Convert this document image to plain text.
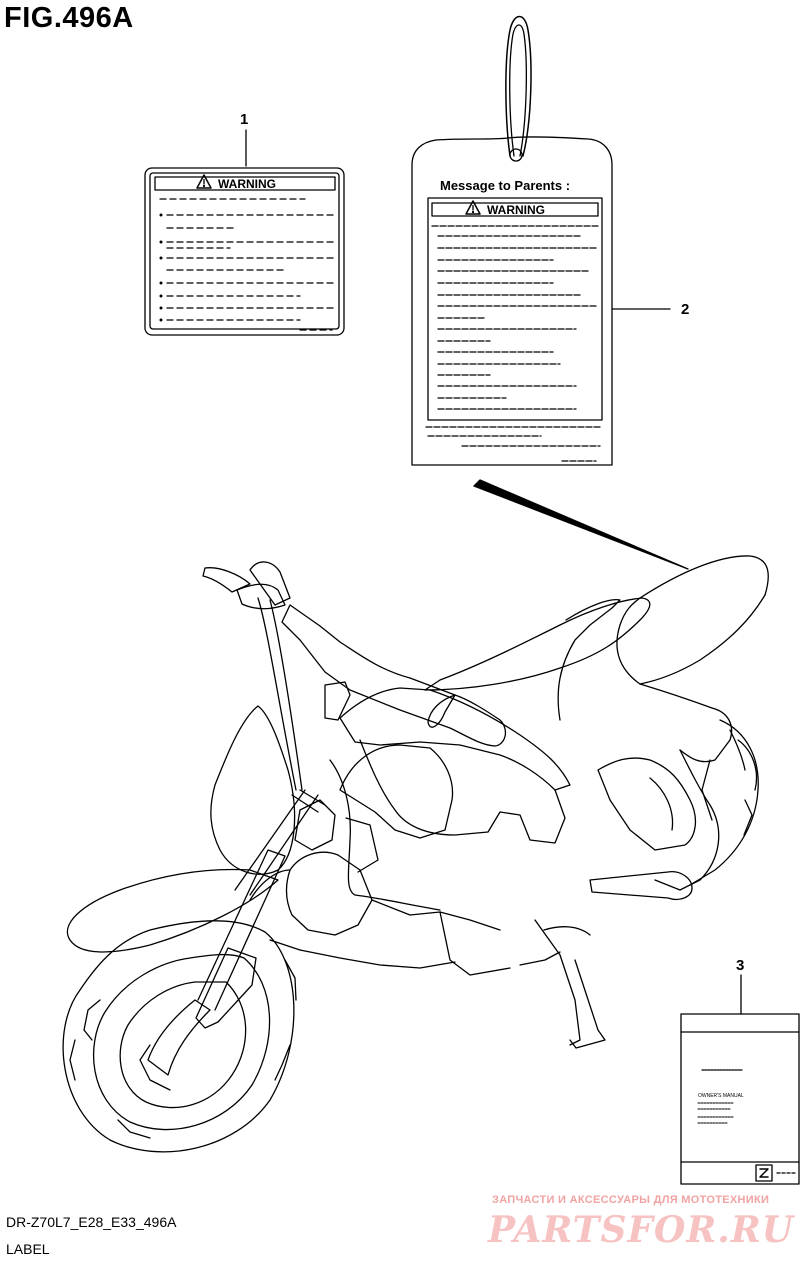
FIG.496A
WARNING	Message to Parents :
WARNING
OWNER'S MANUAL
1
2
3
ЗАПЧАСТИ И АКСЕССУАРЫ ДЛЯ МОТОТЕХНИКИ
PARTSFOR.RU
DR-Z70L7_E28_E33_496A
LABEL
